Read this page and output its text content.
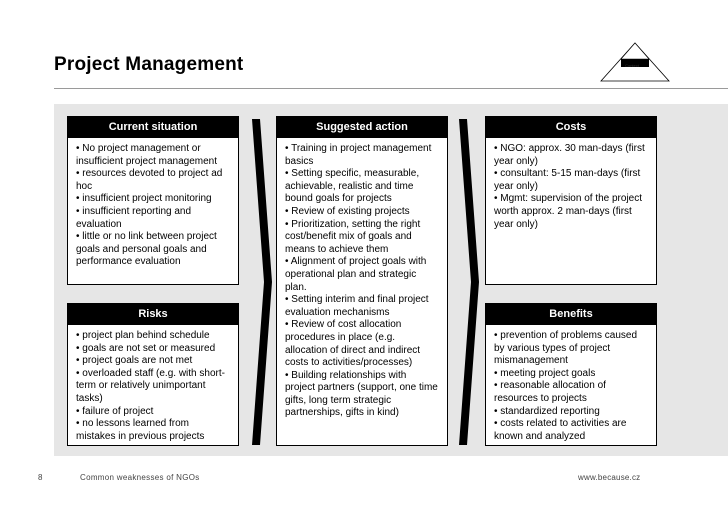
Project Management	Context
Current situation
• No project management or insufficient project management
• resources devoted to project ad hoc
• insufficient project monitoring
• insufficient reporting and evaluation
• little or no link between project goals and personal goals and performance evaluation
Risks
• project plan behind schedule
• goals are not set or measured
• project goals are not met
• overloaded staff (e.g. with short-term or relatively unimportant tasks)
• failure of project
• no lessons learned from mistakes in previous projects
Suggested action
• Training in project management basics
• Setting specific, measurable, achievable, realistic and time bound goals for projects
• Review of existing projects
• Prioritization, setting the right cost/benefit mix of goals and means to achieve them
• Alignment of project goals with operational plan and strategic plan.
• Setting interim and final project evaluation mechanisms
• Review of cost allocation procedures in place (e.g. allocation of direct and indirect costs to activities/processes)
• Building relationships with project partners (support, one time gifts, long term strategic partnerships, gifts in kind)
Costs
• NGO: approx. 30 man-days (first year only)
• consultant: 5-15 man-days (first year only)
• Mgmt: supervision of the project worth approx. 2 man-days (first year only)
Benefits
• prevention of problems caused by various types of project mismanagement
• meeting project goals
• reasonable allocation of resources to projects
• standardized reporting
• costs related to activities are known and analyzed
8	Common weaknesses of NGOs	www.because.cz
